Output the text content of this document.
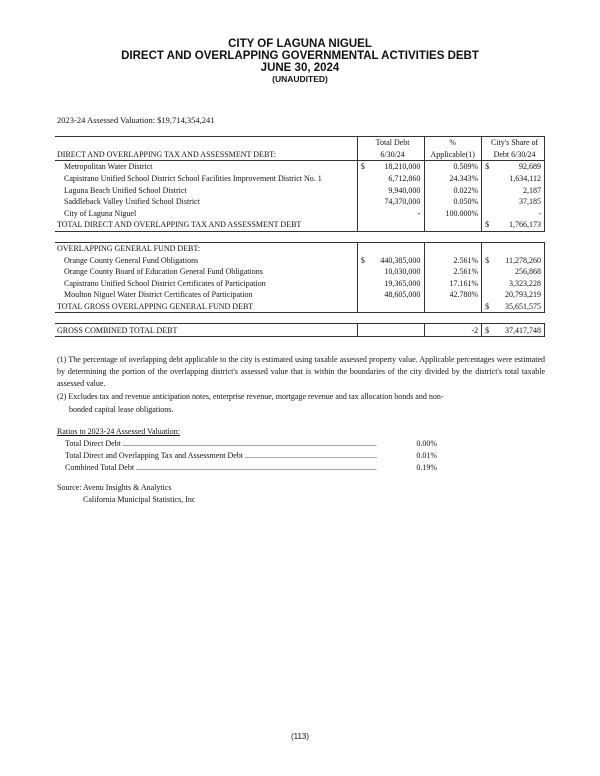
CITY OF LAGUNA NIGUEL
DIRECT AND OVERLAPPING GOVERNMENTAL ACTIVITIES DEBT
JUNE 30, 2024
(UNAUDITED)
2023-24 Assessed Valuation: $19,714,354,241
	Total Debt		%	City's Share of	
DIRECT AND OVERLAPPING TAX AND ASSESSMENT DEBT:	6/30/24		Applicable(1)	Debt 6/30/24	
Metropolitan Water District	$	18,210,000	0.509%	$	92,689
Capistrano Unified School District School Facilities Improvement District No. 1		6,712,860	24.343%		1,634,112
Laguna Beach Unified School District		9,940,000	0.022%		2,187
Saddleback Valley Unified School District		74,370,000	0.050%		37,185
City of Laguna Niguel		-	100.000%		-
TOTAL DIRECT AND OVERLAPPING TAX AND ASSESSMENT DEBT				$	1,766,173

OVERLAPPING GENERAL FUND DEBT:					
Orange County General Fund Obligations	$	440,385,000	2.561%	$	11,278,260
Orange County Board of Education General Fund Obligations		10,030,000	2.561%		256,868
Capistrano Unified School District Certificates of Participation		19,365,000	17.161%		3,323,228
Moulton Niguel Water District Certificates of Participation		48,605,000	42.780%		20,793,219
TOTAL GROSS OVERLAPPING GENERAL FUND DEBT				$	35,651,575

GROSS COMBINED TOTAL DEBT			-2	$	37,417,748

(1) The percentage of overlapping debt applicable to the city is estimated using taxable assessed property value. Applicable percentages were estimated by determining the portion of the overlapping district's assessed value that is within the boundaries of the city divided by the district's total taxable assessed value.

(2) Excludes tax and revenue anticipation notes, enterprise revenue, mortgage revenue and tax allocation bonds and non-

bonded capital lease obligations.

Ratios to 2023-24 Assessed Valuation:
Total Direct Debt .....	0.00%
Total Direct and Overlapping Tax and Assessment Debt .....	0.01%
Combined Total Debt .....	0.19%
Source: Avenu Insights & Analytics
California Municipal Statistics, Inc
(113)
